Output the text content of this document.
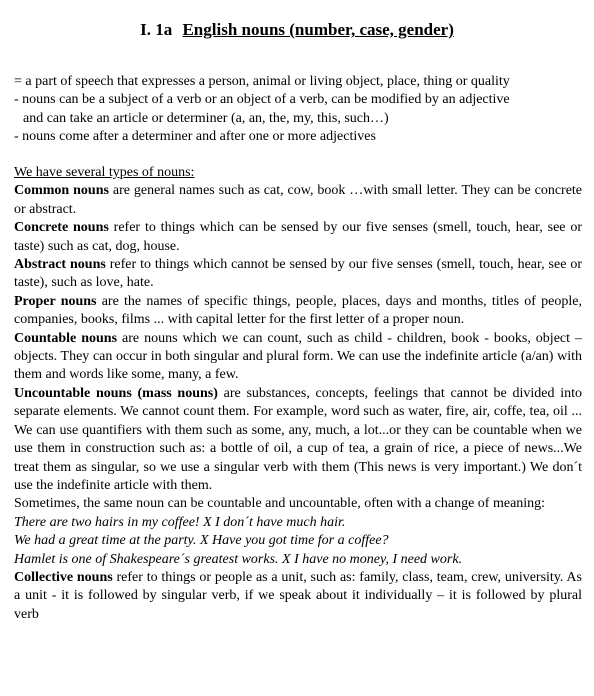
I. 1a English nouns (number, case, gender)
= a part of speech that expresses a person, animal or living object, place, thing or quality
- nouns can be a subject of a verb or an object of a verb, can be modified by an adjective
and can take an article or determiner (a, an, the, my, this, such…)
- nouns come after a determiner and after one or more adjectives
We have several types of nouns:

Common nouns are general names such as cat, cow, book …with small letter. They can be concrete or abstract.

Concrete nouns refer to things which can be sensed by our five senses (smell, touch, hear, see or taste) such as cat, dog, house.

Abstract nouns refer to things which cannot be sensed by our five senses (smell, touch, hear, see or taste), such as love, hate.

Proper nouns are the names of specific things, people, places, days and months, titles of people, companies, books, films ... with capital letter for the first letter of a proper noun.

Countable nouns are nouns which we can count, such as child - children, book - books, object – objects. They can occur in both singular and plural form. We can use the indefinite article (a/an) with them and words like some, many, a few.

Uncountable nouns (mass nouns) are substances, concepts, feelings that cannot be divided into separate elements. We cannot count them. For example, word such as water, fire, air, coffe, tea, oil ... We can use quantifiers with them such as some, any, much, a lot...or they can be countable when we use them in construction such as: a bottle of oil, a cup of tea, a grain of rice, a piece of news...We treat them as singular, so we use a singular verb with them (This news is very important.) We don´t use the indefinite article with them.

Sometimes, the same noun can be countable and uncountable, often with a change of meaning:

There are two hairs in my coffee! X I don´t have much hair.
We had a great time at the party. X Have you got time for a coffee?
Hamlet is one of Shakespeare´s greatest works. X I have no money, I need work.

Collective nouns refer to things or people as a unit, such as: family, class, team, crew, university. As a unit - it is followed by singular verb, if we speak about it individually – it is followed by plural verb
